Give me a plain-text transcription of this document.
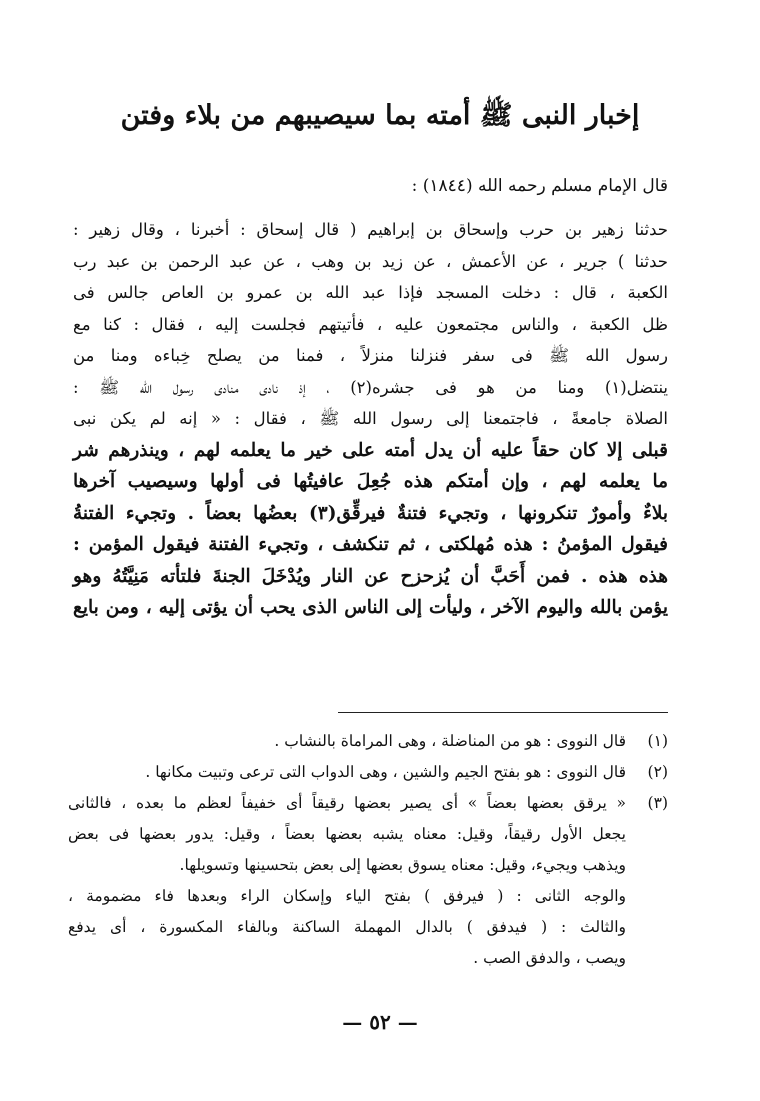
إخبار النبى ﷺ أمته بما سيصيبهم من بلاء وفتن
قال الإمام مسلم رحمه الله (١٨٤٤) :
حدثنا زهير بن حرب وإسحاق بن إبراهيم ( قال إسحاق : أخبرنا ، وقال زهير :
حدثنا ) جرير ، عن الأعمش ، عن زيد بن وهب ، عن عبد الرحمن بن عبد رب
الكعبة ، قال : دخلت المسجد فإذا عبد الله بن عمرو بن العاص جالس فى
ظل الكعبة ، والناس مجتمعون عليه ، فأتيتهم فجلست إليه ، فقال : كنا مع
رسول الله ﷺ فى سفر فنزلنا منزلاً ، فمنا من يصلح خِباءه ومنا من
ينتضل(١) ومنا من هو فى جشره(٢) ، إذ نادى منادى رسول الله ﷺ :
الصلاة جامعةً ، فاجتمعنا إلى رسول الله ﷺ ، فقال : « إنه لم يكن نبى
قبلى إلا كان حقاً عليه أن يدل أمته على خير ما يعلمه لهم ، وينذرهم شر
ما يعلمه لهم ، وإن أمتكم هذه جُعِلَ عافيتُها فى أولها وسيصيب آخرها
بلاءٌ وأمورٌ تنكرونها ، وتجيء فتنةٌ فيرقِّق(٣) بعضُها بعضاً . وتجيء الفتنةُ
فيقول المؤمنُ : هذه مُهلكتى ، ثم تنكشف ، وتجيء الفتنة فيقول المؤمن :
هذه هذه . فمن أَحَبَّ أن يُزحزح عن النار ويُدْخَلَ الجنةَ فلتأته مَنِيَّتُهُ وهو
يؤمن بالله واليوم الآخر ، وليأت إلى الناس الذى يحب أن يؤتى إليه ، ومن بايع
(١)
قال النووى : هو من المناضلة ، وهى المراماة بالنشاب .
(٢)
قال النووى : هو بفتح الجيم والشين ، وهى الدواب التى ترعى وتبيت مكانها .
(٣)
« يرقق بعضها بعضاً » أى يصير بعضها رقيقاً أى خفيفاً لعظم ما بعده ، فالثانى
يجعل الأول رقيقاً، وقيل: معناه يشبه بعضها بعضاً ، وقيل: يدور بعضها فى بعض
ويذهب ويجيء، وقيل: معناه يسوق بعضها إلى بعض بتحسينها وتسويلها.
والوجه الثانى : ( فيرفق ) بفتح الياء وإسكان الراء وبعدها فاء مضمومة ،
والثالث : ( فيدفق ) بالدال المهملة الساكنة وبالفاء المكسورة ، أى يدفع
ويصب ، والدفق الصب .
— ٥٢ —
